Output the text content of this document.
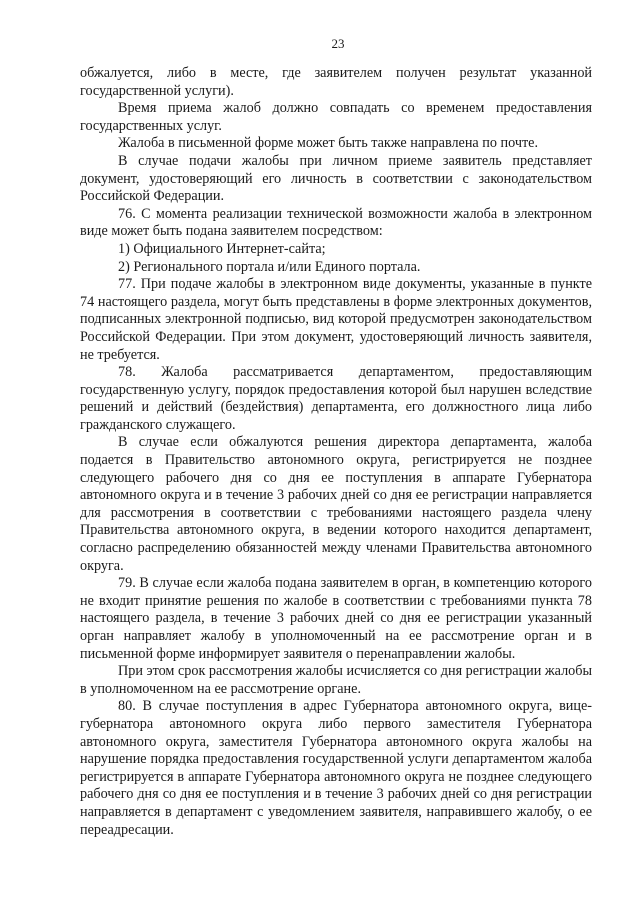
23

обжалуется, либо в месте, где заявителем получен результат указанной государственной услуги).

Время приема жалоб должно совпадать со временем предоставления государственных услуг.

Жалоба в письменной форме может быть также направлена по почте.

В случае подачи жалобы при личном приеме заявитель представляет документ, удостоверяющий его личность в соответствии с законодательством Российской Федерации.

76. С момента реализации технической возможности жалоба в электронном виде может быть подана заявителем посредством:

1) Официального Интернет-сайта;

2) Регионального портала и/или Единого портала.

77. При подаче жалобы в электронном виде документы, указанные в пункте 74 настоящего раздела, могут быть представлены в форме электронных документов, подписанных электронной подписью, вид которой предусмотрен законодательством Российской Федерации. При этом документ, удостоверяющий личность заявителя, не требуется.

78. Жалоба рассматривается департаментом, предоставляющим государственную услугу, порядок предоставления которой был нарушен вследствие решений и действий (бездействия) департамента, его должностного лица либо гражданского служащего.

В случае если обжалуются решения директора департамента, жалоба подается в Правительство автономного округа, регистрируется не позднее следующего рабочего дня со дня ее поступления в аппарате Губернатора автономного округа и в течение 3 рабочих дней со дня ее регистрации направляется для рассмотрения в соответствии с требованиями настоящего раздела члену Правительства автономного округа, в ведении которого находится департамент, согласно распределению обязанностей между членами Правительства автономного округа.

79. В случае если жалоба подана заявителем в орган, в компетенцию которого не входит принятие решения по жалобе в соответствии с требованиями пункта 78 настоящего раздела, в течение 3 рабочих дней со дня ее регистрации указанный орган направляет жалобу в уполномоченный на ее рассмотрение орган и в письменной форме информирует заявителя о перенаправлении жалобы.

При этом срок рассмотрения жалобы исчисляется со дня регистрации жалобы в уполномоченном на ее рассмотрение органе.

80. В случае поступления в адрес Губернатора автономного округа, вице-губернатора автономного округа либо первого заместителя Губернатора автономного округа, заместителя Губернатора автономного округа жалобы на нарушение порядка предоставления государственной услуги департаментом жалоба регистрируется в аппарате Губернатора автономного округа не позднее следующего рабочего дня со дня ее поступления и в течение 3 рабочих дней со дня регистрации направляется в департамент с уведомлением заявителя, направившего жалобу, о ее переадресации.
